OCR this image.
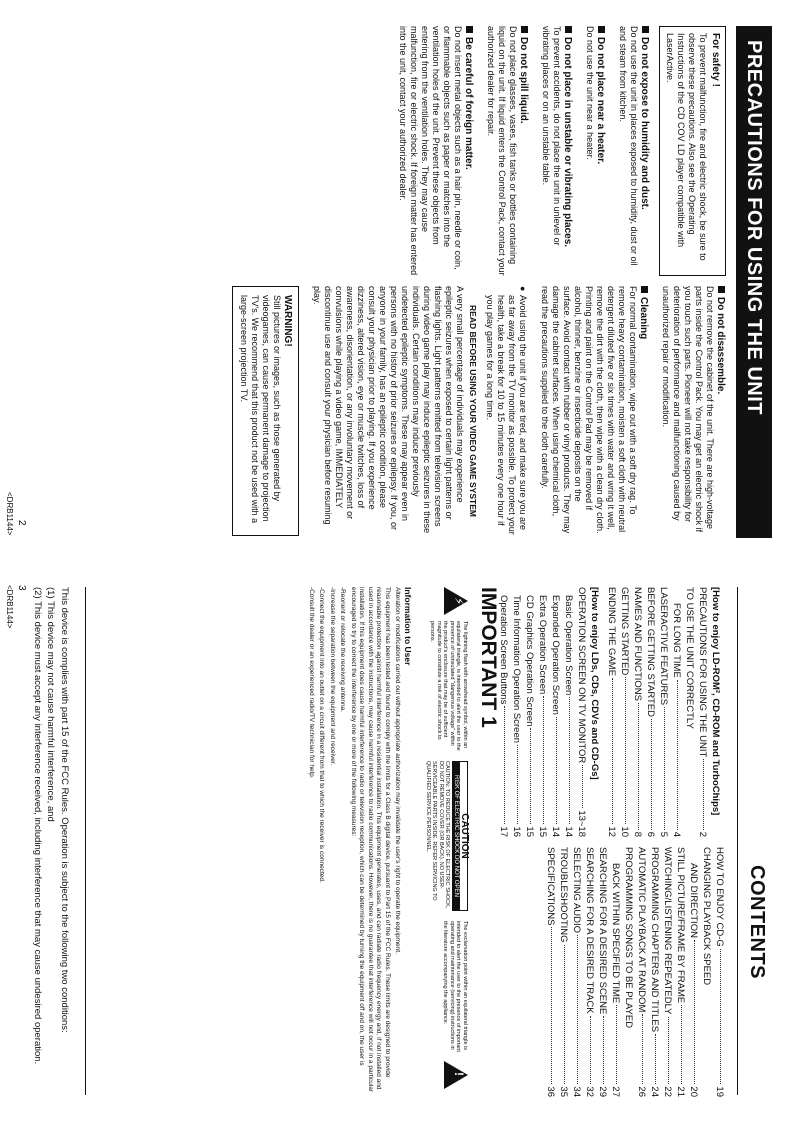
PRECAUTIONS FOR USING THE UNIT
For safety !
To prevent malfunction, fire and electric shock, be sure to observe these precautions. Also see the Operating Instructions of the CD COV LD player compatible with LaserActive.
Do not expose to humidity and dust.
Do not use the unit in places exposed to humidity, dust or oil and steam from kitchen.
Do not place near a heater.
Do not use the unit near a heater.
Do not place in unstable or vibrating places.
To prevent accidents, do not place the unit in unlevel or vibrating places or on an unstable table.
Do not spill liquid.
Do not place glasses, vases, fish tanks or bottles containing liquid on the unit. If liquid enters the Control Pack, contact your authorized dealer for repair.
Be careful of foreign matter.
Do not insert metal objects such as a hair pin, needle or coin, or flammable objects such as paper or matches into the ventilation holes of the unit. Prevent these objects from entering from the ventilation holes. They may cause malfunction, fire or electric shock. If foreign matter has entered into the unit, contact your authorized dealer.
Do not disassemble.
Do not remove the cabinet of the unit. There are high-voltage parts inside the Control Pack. You may get an electric shock if you touch such parts. Pioneer will not take responsibility for deterioration of performance and malfunctioning caused by unauthorized repair or modification.
Cleaning
For normal contamination, wipe out with a soft dry rag. To remove heavy contamination, moisten a soft cloth with neutral detergent diluted five or six times with water and wring it well, remove the dirt with the cloth, then wipe with a clean dry cloth. Printing and paint on the Control Pad may be removed if alcohol, thinner, benzine or insecticide deposits on the surface. Avoid contact with rubber or vinyl products. They may damage the cabinet surfaces. When using chemical cloth, read the precautions supplied to the cloth carefully.
●
Avoid using the unit if you are tired, and make sure you are as far away from the TV monitor as possible. To protect your health, take a break for 10 to 15 minutes every one hour if you play games for a long time.
READ BEFORE USING YOUR VIDEO GAME SYSTEM
A very small percentage of individuals may experience epileptic seizures when exposed to certain light patterns or flashing lights. Light patterns emitted from television screens during video game play may induce epileptic seizures in these individuals. Certain conditions may induce previously undetected epileptic symptoms. These may appear even in persons with no history of prior seizures or epilepsy. If you, or anyone in your family, has an epileptic condition, please consult your physician prior to playing. If you experience dizziness, altered vision, eye or muscle twitches, loss of awareness, disorientation, or any involuntary movement or convulsions while playing a video game, IMMEDIATELY discontinue use and consult your physician before resuming play.
WARNING!
Still pictures or images, such as those generated by videogames, can cause permanent damage to projection TV's. We recommend that this product not be used with a large-screen projection TV.
2
<DRB1144>
CONTENTS
[How to enjoy LD-ROM², CD-ROM and TurboChips]
PRECAUTIONS FOR USING THE UNIT
2
TO USE THE UNIT CORRECTLY
FOR LONG TIME
4
LASERACTIVE FEATURES
5
BEFORE GETTING STARTED
6
NAMES AND FUNCTIONS
8
GETTING STARTED
10
ENDING THE GAME
12
[How to enjoy LDs, CDs, CDVs and CD-Gs]
OPERATION SCREEN ON TV MONITOR
13~18
Basic Operation Screen
14
Expanded Operation Screen
14
Extra Operation Screen
15
CD Graphics Operation Screen
15
Time Information Operation Screen
16
Operation Screen Buttons
17
HOW TO ENJOY CD-G
19
CHANGING PLAYBACK SPEED
AND DIRECTION
20
STILL PICTURE/FRAME BY FRAME
21
WATCHING/LISTENING REPEATEDLY
22
PROGRAMMING CHAPTERS AND TITLES
24
AUTOMATIC PLAYBACK AT RANDOM
26
PROGRAMMING SONGS TO BE PLAYED
BACK WITHIN SPECIFIED TIME
27
SEARCHING FOR A DESIRED SCENE
29
SEARCHING FOR A DESIRED TRACK
32
SELECTING AUDIO
34
TROUBLESHOOTING
35
SPECIFICATIONS
36
IMPORTANT 1
⚡
The lightning flash with arrowhead symbol, within an equilateral triangle, is intended to alert the user to the presence of uninsulated "dangerous voltage" within the product's enclosure that may be of sufficient magnitude to constitute a risk of electric shock to persons.
CAUTION
RISK OF ELECTRIC SHOCK DO NOT OPEN
CAUTION: TO REDUCE THE RISK OF ELECTRIC SHOCK, DO NOT REMOVE COVER (OR BACK). NO USER-SERVICEABLE PARTS INSIDE. REFER SERVICING TO QUALIFIED SERVICE PERSONNEL.
The exclamation point within an equilateral triangle is intended to alert the user to the presence of important operating and maintenance (servicing) instructions in the literature accompanying the appliance.
!
Information to User

Alteration or modifications carried out without appropriate authorization may invalidate the user's right to operate the equipment.

This equipment has been tested and found to comply with the limits for a Class B digital device, pursuant to Part 15 of the FCC Rules. These limits are designed to provide reasonable protection against harmful interference in a residential installation. This equipment generates, uses, and can radiate radio frequency energy and, if not installed and used in accordance with the instructions, may cause harmful interference to radio communications. However, there is no guarantee that interference will not occur in a particular installation. If this equipment does cause harmful interference to radio or television reception, which can be determined by turning the equipment off and on, the user is encouraged to try to correct the interference by one or more of the following measures:

-Reorient or relocate the receiving antenna.

-Increase the separation between the equipment and receiver.

-Connect the equipment into an outlet on a circuit different from that to which the receiver is connected.

-Consult the dealer or an experienced radio/TV technician for help.

This device is complies with part 15 of the FCC Rules. Operation is subject to the following two conditions:

(1) This device may not cause harmful interference, and

(2) This device must accept any interference received, including interference that may cause undesired operation.

3
<DRB1144>
